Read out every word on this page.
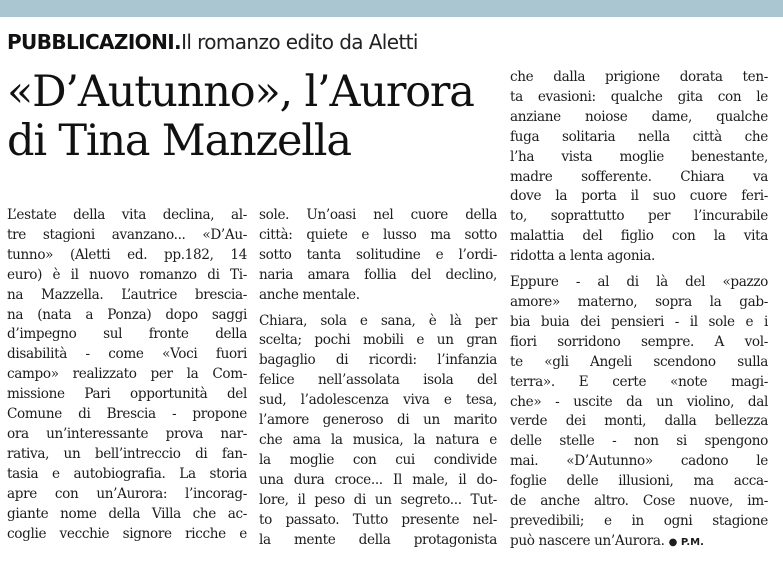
PUBBLICAZIONI.Il romanzo edito da Aletti
«D’Autunno», l’Aurora
di Tina Manzella
L’estate della vita declina, al-
tre stagioni avanzano... «D’Au-
tunno» (Aletti ed. pp.182, 14
euro) è il nuovo romanzo di Ti-
na Mazzella. L’autrice brescia-
na (nata a Ponza) dopo saggi
d’impegno sul fronte della
disabilità - come «Voci fuori
campo» realizzato per la Com-
missione Pari opportunità del
Comune di Brescia - propone
ora un’interessante prova nar-
rativa, un bell’intreccio di fan-
tasia e autobiografia. La storia
apre con un’Aurora: l’incorag-
giante nome della Villa che ac-
coglie vecchie signore ricche e
sole. Un’oasi nel cuore della
città: quiete e lusso ma sotto
sotto tanta solitudine e l’ordi-
naria amara follia del declino,
anche mentale.
Chiara, sola e sana, è là per
scelta; pochi mobili e un gran
bagaglio di ricordi: l’infanzia
felice nell’assolata isola del
sud, l’adolescenza viva e tesa,
l’amore generoso di un marito
che ama la musica, la natura e
la moglie con cui condivide
una dura croce... Il male, il do-
lore, il peso di un segreto... Tut-
to passato. Tutto presente nel-
la mente della protagonista
che dalla prigione dorata ten-
ta evasioni: qualche gita con le
anziane noiose dame, qualche
fuga solitaria nella città che
l’ha vista moglie benestante,
madre sofferente. Chiara va
dove la porta il suo cuore feri-
to, soprattutto per l’incurabile
malattia del figlio con la vita
ridotta a lenta agonia.
Eppure - al di là del «pazzo
amore» materno, sopra la gab-
bia buia dei pensieri - il sole e i
fiori sorridono sempre. A vol-
te «gli Angeli scendono sulla
terra». E certe «note magi-
che» - uscite da un violino, dal
verde dei monti, dalla bellezza
delle stelle - non si spengono
mai. «D’Autunno» cadono le
foglie delle illusioni, ma acca-
de anche altro. Cose nuove, im-
prevedibili; e in ogni stagione
può nascere un’Aurora. ● P.M.
